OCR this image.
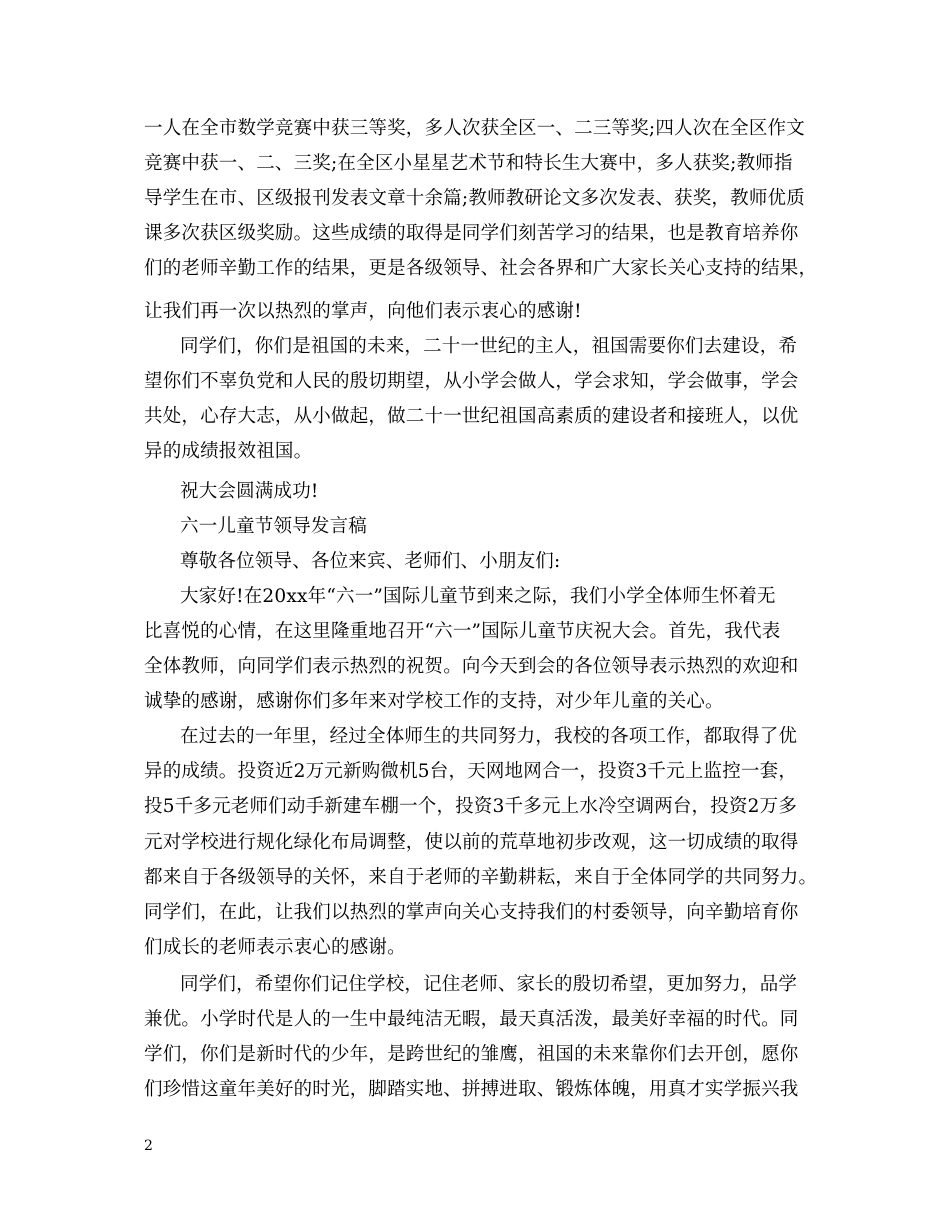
一人在全市数学竞赛中获三等奖，多人次获全区一、二三等奖;四人次在全区作文
竞赛中获一、二、三奖;在全区小星星艺术节和特长生大赛中，多人获奖;教师指
导学生在市、区级报刊发表文章十余篇;教师教研论文多次发表、获奖，教师优质
课多次获区级奖励。这些成绩的取得是同学们刻苦学习的结果，也是教育培养你
们的老师辛勤工作的结果，更是各级领导、社会各界和广大家长关心支持的结果，
让我们再一次以热烈的掌声，向他们表示衷心的感谢!
同学们，你们是祖国的未来，二十一世纪的主人，祖国需要你们去建设，希
望你们不辜负党和人民的殷切期望，从小学会做人，学会求知，学会做事，学会
共处，心存大志，从小做起，做二十一世纪祖国高素质的建设者和接班人，以优
异的成绩报效祖国。
祝大会圆满成功!
六一儿童节领导发言稿
尊敬各位领导、各位来宾、老师们、小朋友们:
大家好!在20xx年“六一”国际儿童节到来之际，我们小学全体师生怀着无
比喜悦的心情，在这里隆重地召开“六一”国际儿童节庆祝大会。首先，我代表
全体教师，向同学们表示热烈的祝贺。向今天到会的各位领导表示热烈的欢迎和
诚挚的感谢，感谢你们多年来对学校工作的支持，对少年儿童的关心。
在过去的一年里，经过全体师生的共同努力，我校的各项工作，都取得了优
异的成绩。投资近2万元新购微机5台，天网地网合一，投资3千元上监控一套，
投5千多元老师们动手新建车棚一个，投资3千多元上水冷空调两台，投资2万多
元对学校进行规化绿化布局调整，使以前的荒草地初步改观，这一切成绩的取得
都来自于各级领导的关怀，来自于老师的辛勤耕耘，来自于全体同学的共同努力。
同学们，在此，让我们以热烈的掌声向关心支持我们的村委领导，向辛勤培育你
们成长的老师表示衷心的感谢。
同学们，希望你们记住学校，记住老师、家长的殷切希望，更加努力，品学
兼优。小学时代是人的一生中最纯洁无暇，最天真活泼，最美好幸福的时代。同
学们，你们是新时代的少年，是跨世纪的雏鹰，祖国的未来靠你们去开创，愿你
们珍惜这童年美好的时光，脚踏实地、拼搏进取、锻炼体魄，用真才实学振兴我
2
